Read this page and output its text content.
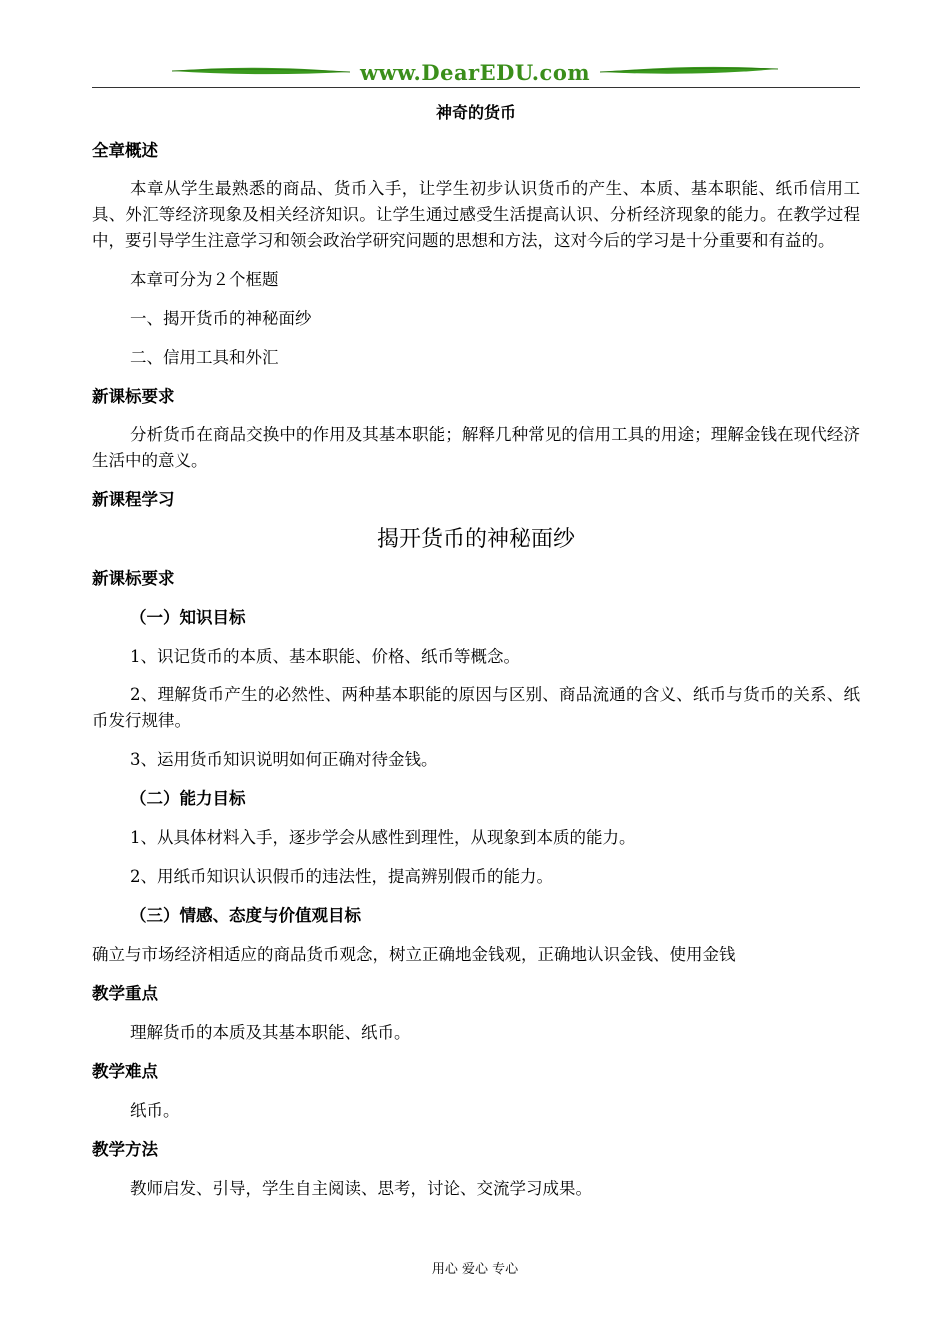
www.DearEDU.com

神奇的货币

全章概述

本章从学生最熟悉的商品、货币入手，让学生初步认识货币的产生、本质、基本职能、纸币信用工具、外汇等经济现象及相关经济知识。让学生通过感受生活提高认识、分析经济现象的能力。在教学过程中，要引导学生注意学习和领会政治学研究问题的思想和方法，这对今后的学习是十分重要和有益的。

本章可分为２个框题

一、揭开货币的神秘面纱

二、信用工具和外汇

新课标要求

分析货币在商品交换中的作用及其基本职能；解释几种常见的信用工具的用途；理解金钱在现代经济生活中的意义。

新课程学习

揭开货币的神秘面纱

新课标要求

（一）知识目标

1、识记货币的本质、基本职能、价格、纸币等概念。

2、理解货币产生的必然性、两种基本职能的原因与区别、商品流通的含义、纸币与货币的关系、纸币发行规律。

3、运用货币知识说明如何正确对待金钱。

（二）能力目标

1、从具体材料入手，逐步学会从感性到理性，从现象到本质的能力。

2、用纸币知识认识假币的违法性，提高辨别假币的能力。

（三）情感、态度与价值观目标

确立与市场经济相适应的商品货币观念，树立正确地金钱观，正确地认识金钱、使用金钱

教学重点

理解货币的本质及其基本职能、纸币。

教学难点

纸币。

教学方法

教师启发、引导，学生自主阅读、思考，讨论、交流学习成果。

用心 爱心 专心
